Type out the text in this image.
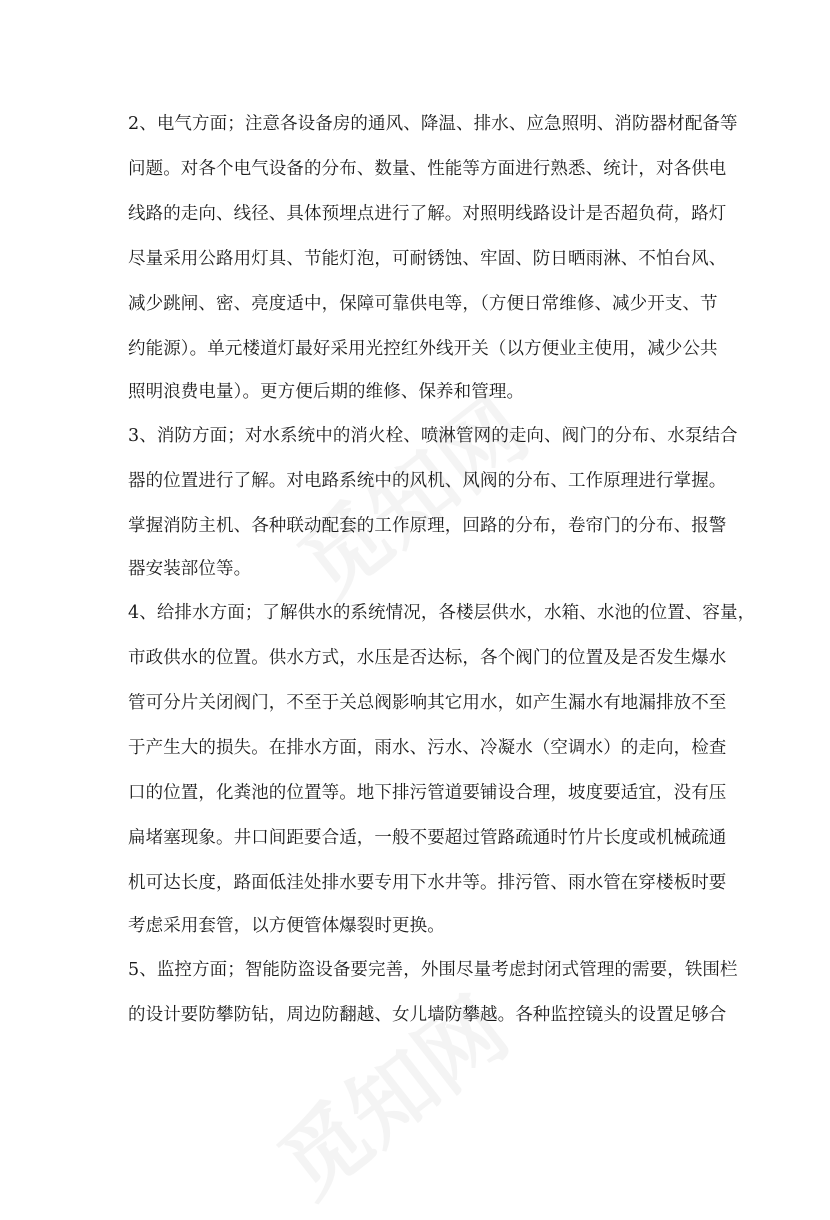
2、电气方面；注意各设备房的通风、降温、排水、应急照明、消防器材配备等
问题。对各个电气设备的分布、数量、性能等方面进行熟悉、统计，对各供电
线路的走向、线径、具体预埋点进行了解。对照明线路设计是否超负荷，路灯
尽量采用公路用灯具、节能灯泡，可耐锈蚀、牢固、防日晒雨淋、不怕台风、
减少跳闸、密、亮度适中，保障可靠供电等，（方便日常维修、减少开支、节
约能源）。单元楼道灯最好采用光控红外线开关（以方便业主使用，减少公共
照明浪费电量）。更方便后期的维修、保养和管理。
3、消防方面；对水系统中的消火栓、喷淋管网的走向、阀门的分布、水泵结合
器的位置进行了解。对电路系统中的风机、风阀的分布、工作原理进行掌握。
掌握消防主机、各种联动配套的工作原理，回路的分布，卷帘门的分布、报警
器安装部位等。
4、给排水方面；了解供水的系统情况，各楼层供水，水箱、水池的位置、容量，
市政供水的位置。供水方式，水压是否达标，各个阀门的位置及是否发生爆水
管可分片关闭阀门，不至于关总阀影响其它用水，如产生漏水有地漏排放不至
于产生大的损失。在排水方面，雨水、污水、冷凝水（空调水）的走向，检查
口的位置，化粪池的位置等。地下排污管道要铺设合理，坡度要适宜，没有压
扁堵塞现象。井口间距要合适，一般不要超过管路疏通时竹片长度或机械疏通
机可达长度，路面低洼处排水要专用下水井等。排污管、雨水管在穿楼板时要
考虑采用套管，以方便管体爆裂时更换。
5、监控方面；智能防盗设备要完善，外围尽量考虑封闭式管理的需要，铁围栏
的设计要防攀防钻，周边防翻越、女儿墙防攀越。各种监控镜头的设置足够合
